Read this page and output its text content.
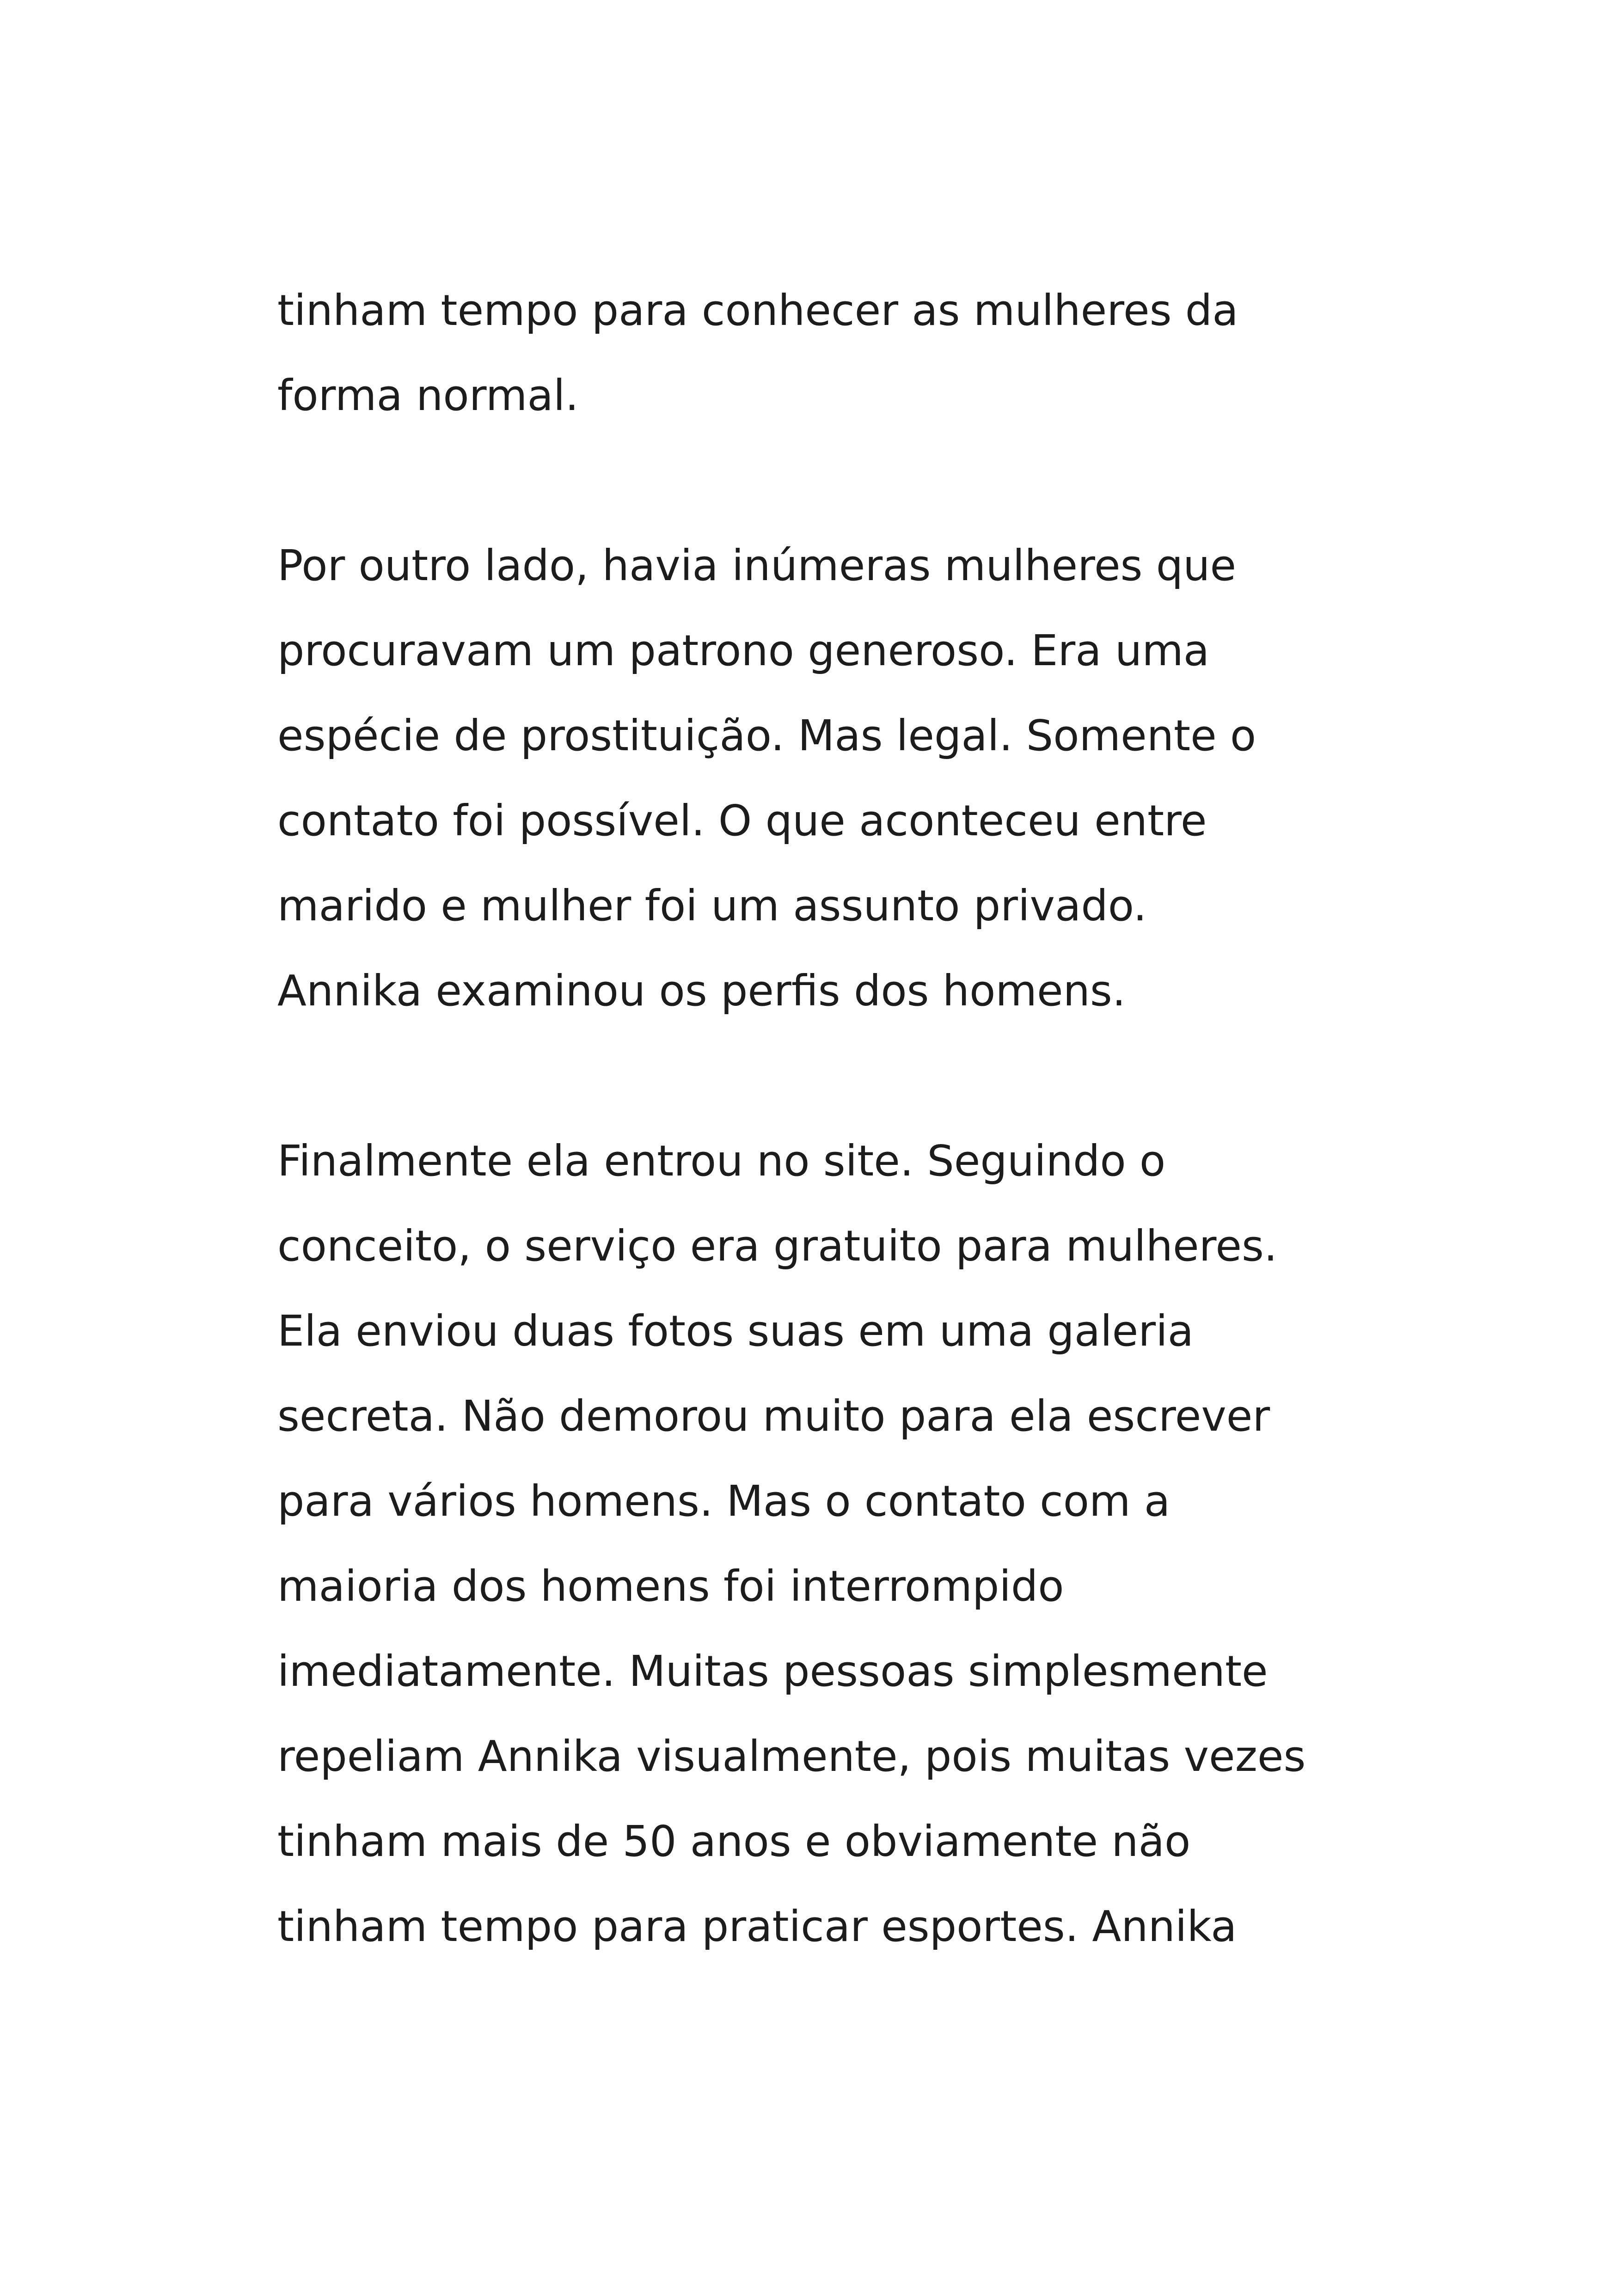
tinham tempo para conhecer as mulheres da
forma normal.

Por outro lado, havia inúmeras mulheres que
procuravam um patrono generoso. Era uma
espécie de prostituição. Mas legal. Somente o
contato foi possível. O que aconteceu entre
marido e mulher foi um assunto privado.
Annika examinou os perfis dos homens.

Finalmente ela entrou no site. Seguindo o
conceito, o serviço era gratuito para mulheres.
Ela enviou duas fotos suas em uma galeria
secreta. Não demorou muito para ela escrever
para vários homens. Mas o contato com a
maioria dos homens foi interrompido
imediatamente. Muitas pessoas simplesmente
repeliam Annika visualmente, pois muitas vezes
tinham mais de 50 anos e obviamente não
tinham tempo para praticar esportes. Annika
